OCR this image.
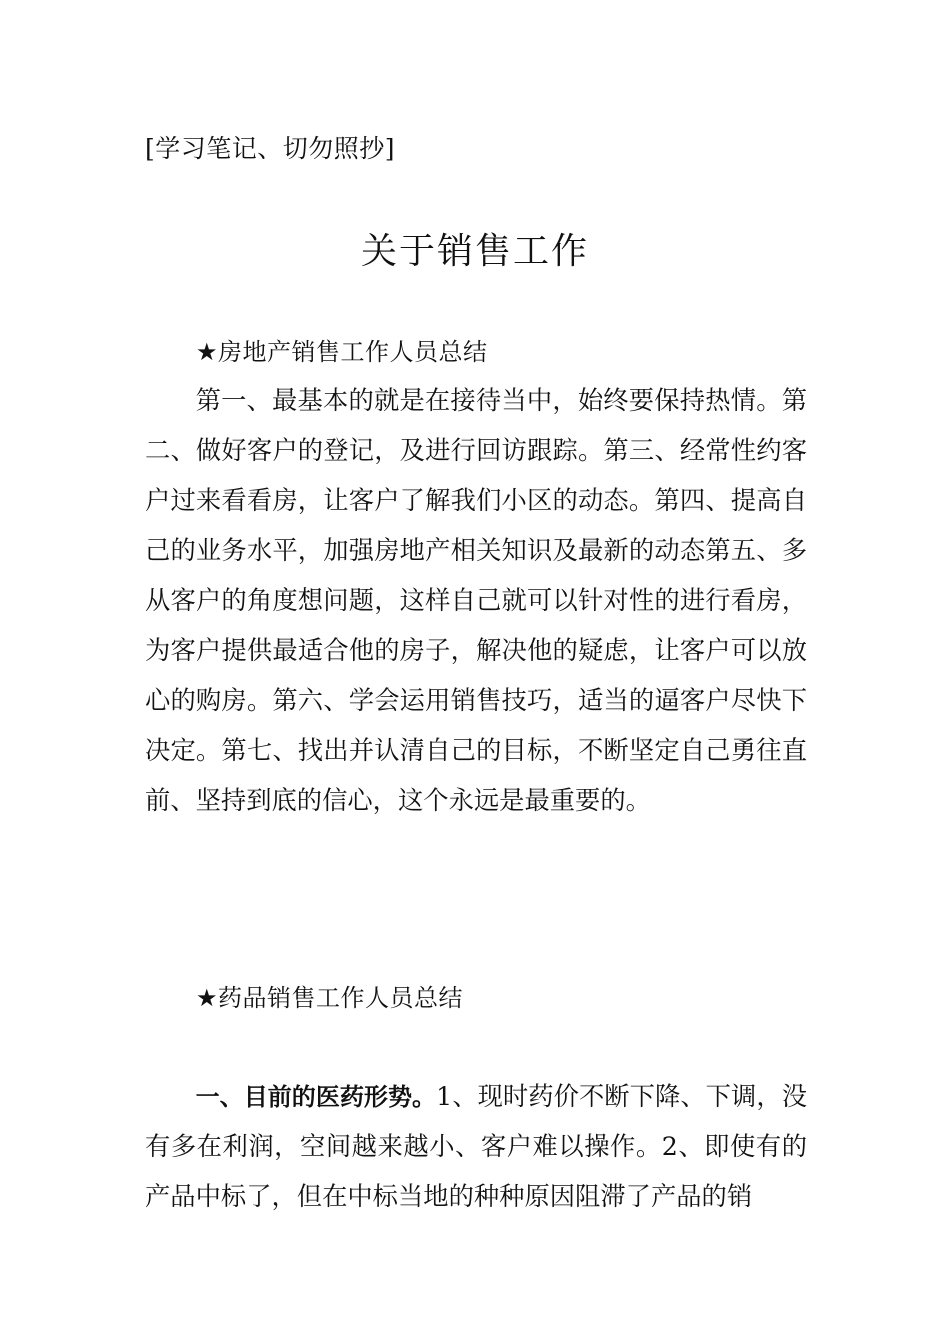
[学习笔记、切勿照抄]
关于销售工作
★房地产销售工作人员总结

第一、最基本的就是在接待当中，始终要保持热情。第二、做好客户的登记，及进行回访跟踪。第三、经常性约客户过来看看房，让客户了解我们小区的动态。第四、提高自己的业务水平，加强房地产相关知识及最新的动态第五、多从客户的角度想问题，这样自己就可以针对性的进行看房，为客户提供最适合他的房子，解决他的疑虑，让客户可以放心的购房。第六、学会运用销售技巧，适当的逼客户尽快下决定。第七、找出并认清自己的目标，不断坚定自己勇往直前、坚持到底的信心，这个永远是最重要的。

★药品销售工作人员总结

一、目前的医药形势。1、现时药价不断下降、下调，没有多在利润，空间越来越小、客户难以操作。2、即使有的产品中标了，但在中标当地的种种原因阻滞了产品的销
